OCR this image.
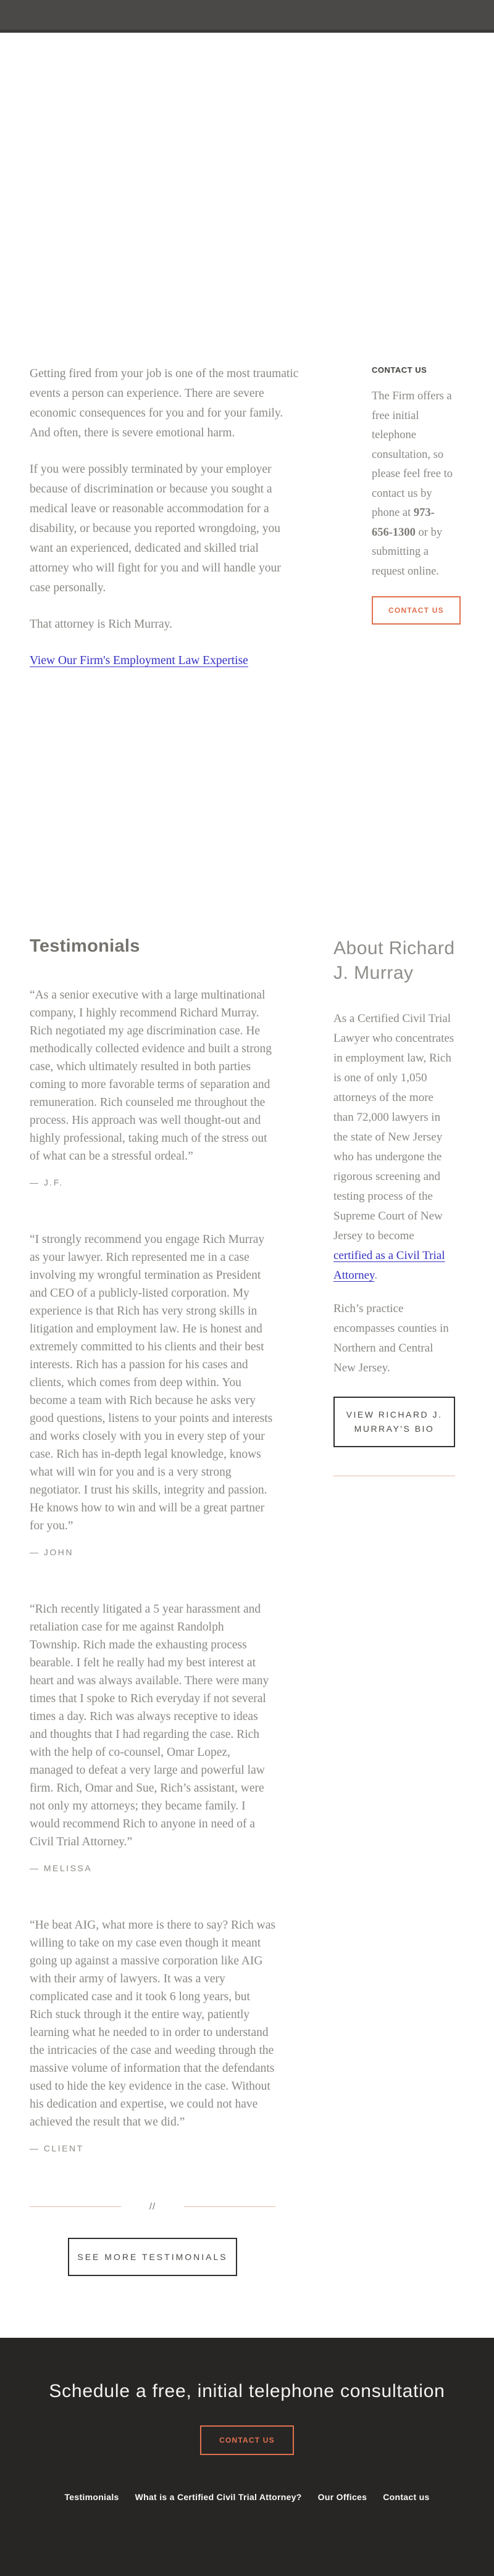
Getting fired from your job is one of the most traumatic events a person can experience. There are severe economic consequences for you and for your family. And often, there is severe emotional harm.

If you were possibly terminated by your employer because of discrimination or because you sought a medical leave or reasonable accommodation for a disability, or because you reported wrongdoing, you want an experienced, dedicated and skilled trial attorney who will fight for you and will handle your case personally.

That attorney is Rich Murray.

View Our Firm's Employment Law Expertise
CONTACT US

The Firm offers a free initial telephone consultation, so please feel free to contact us by phone at 973-656-1300 or by submitting a request online.

CONTACT US
Testimonials

“As a senior executive with a large multinational company, I highly recommend Richard Murray. Rich negotiated my age discrimination case. He methodically collected evidence and built a strong case, which ultimately resulted in both parties coming to more favorable terms of separation and remuneration. Rich counseled me throughout the process. His approach was well thought-out and highly professional, taking much of the stress out of what can be a stressful ordeal.”

— J.F.

“I strongly recommend you engage Rich Murray as your lawyer. Rich represented me in a case involving my wrongful termination as President and CEO of a publicly-listed corporation. My experience is that Rich has very strong skills in litigation and employment law. He is honest and extremely committed to his clients and their best interests. Rich has a passion for his cases and clients, which comes from deep within. You become a team with Rich because he asks very good questions, listens to your points and interests and works closely with you in every step of your case. Rich has in-depth legal knowledge, knows what will win for you and is a very strong negotiator. I trust his skills, integrity and passion. He knows how to win and will be a great partner for you.”

— JOHN

“Rich recently litigated a 5 year harassment and retaliation case for me against Randolph Township. Rich made the exhausting process bearable. I felt he really had my best interest at heart and was always available. There were many times that I spoke to Rich everyday if not several times a day. Rich was always receptive to ideas and thoughts that I had regarding the case. Rich with the help of co-counsel, Omar Lopez, managed to defeat a very large and powerful law firm. Rich, Omar and Sue, Rich’s assistant, were not only my attorneys; they became family. I would recommend Rich to anyone in need of a Civil Trial Attorney.”

— MELISSA

“He beat AIG, what more is there to say? Rich was willing to take on my case even though it meant going up against a massive corporation like AIG with their army of lawyers. It was a very complicated case and it took 6 long years, but Rich stuck through it the entire way, patiently learning what he needed to in order to understand the intricacies of the case and weeding through the massive volume of information that the defendants used to hide the key evidence in the case. Without his dedication and expertise, we could not have achieved the result that we did.”

— CLIENT
//
SEE MORE TESTIMONIALS
About Richard J. Murray

As a Certified Civil Trial Lawyer who concentrates in employment law, Rich is one of only 1,050 attorneys of the more than 72,000 lawyers in the state of New Jersey who has undergone the rigorous screening and testing process of the Supreme Court of New Jersey to become certified as a Civil Trial Attorney.

Rich’s practice encompasses counties in Northern and Central New Jersey.

VIEW RICHARD J. MURRAY'S BIO
Schedule a free, initial telephone consultation
CONTACT US
Testimonials What is a Certified Civil Trial Attorney? Our Offices Contact us
